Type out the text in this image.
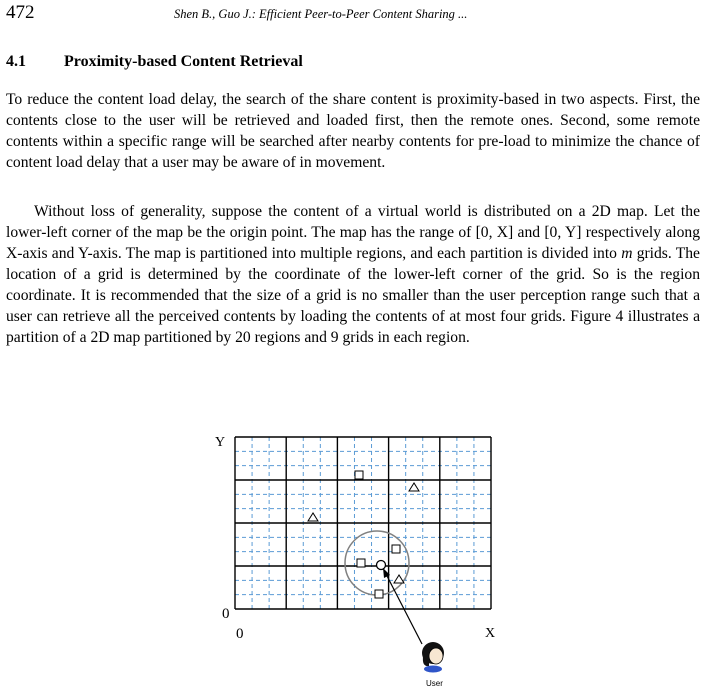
472	Shen B., Guo J.: Efficient Peer-to-Peer Content Sharing ...
4.1 Proximity-based Content Retrieval

To reduce the content load delay, the search of the share content is proximity-based in two aspects. First, the contents close to the user will be retrieved and loaded first, then the remote ones. Second, some remote contents within a specific range will be searched after nearby contents for pre-load to minimize the chance of content load delay that a user may be aware of in movement.

Without loss of generality, suppose the content of a virtual world is distributed on a 2D map. Let the lower-left corner of the map be the origin point. The map has the range of [0, X] and [0, Y] respectively along X-axis and Y-axis. The map is partitioned into multiple regions, and each partition is divided into m grids. The location of a grid is determined by the coordinate of the lower-left corner of the grid. So is the region coordinate. It is recommended that the size of a grid is no smaller than the user perception range such that a user can retrieve all the perceived contents by loading the contents of at most four grids. Figure 4 illustrates a partition of a 2D map partitioned by 20 regions and 9 grids in each region.

Y
0
0	X
User
